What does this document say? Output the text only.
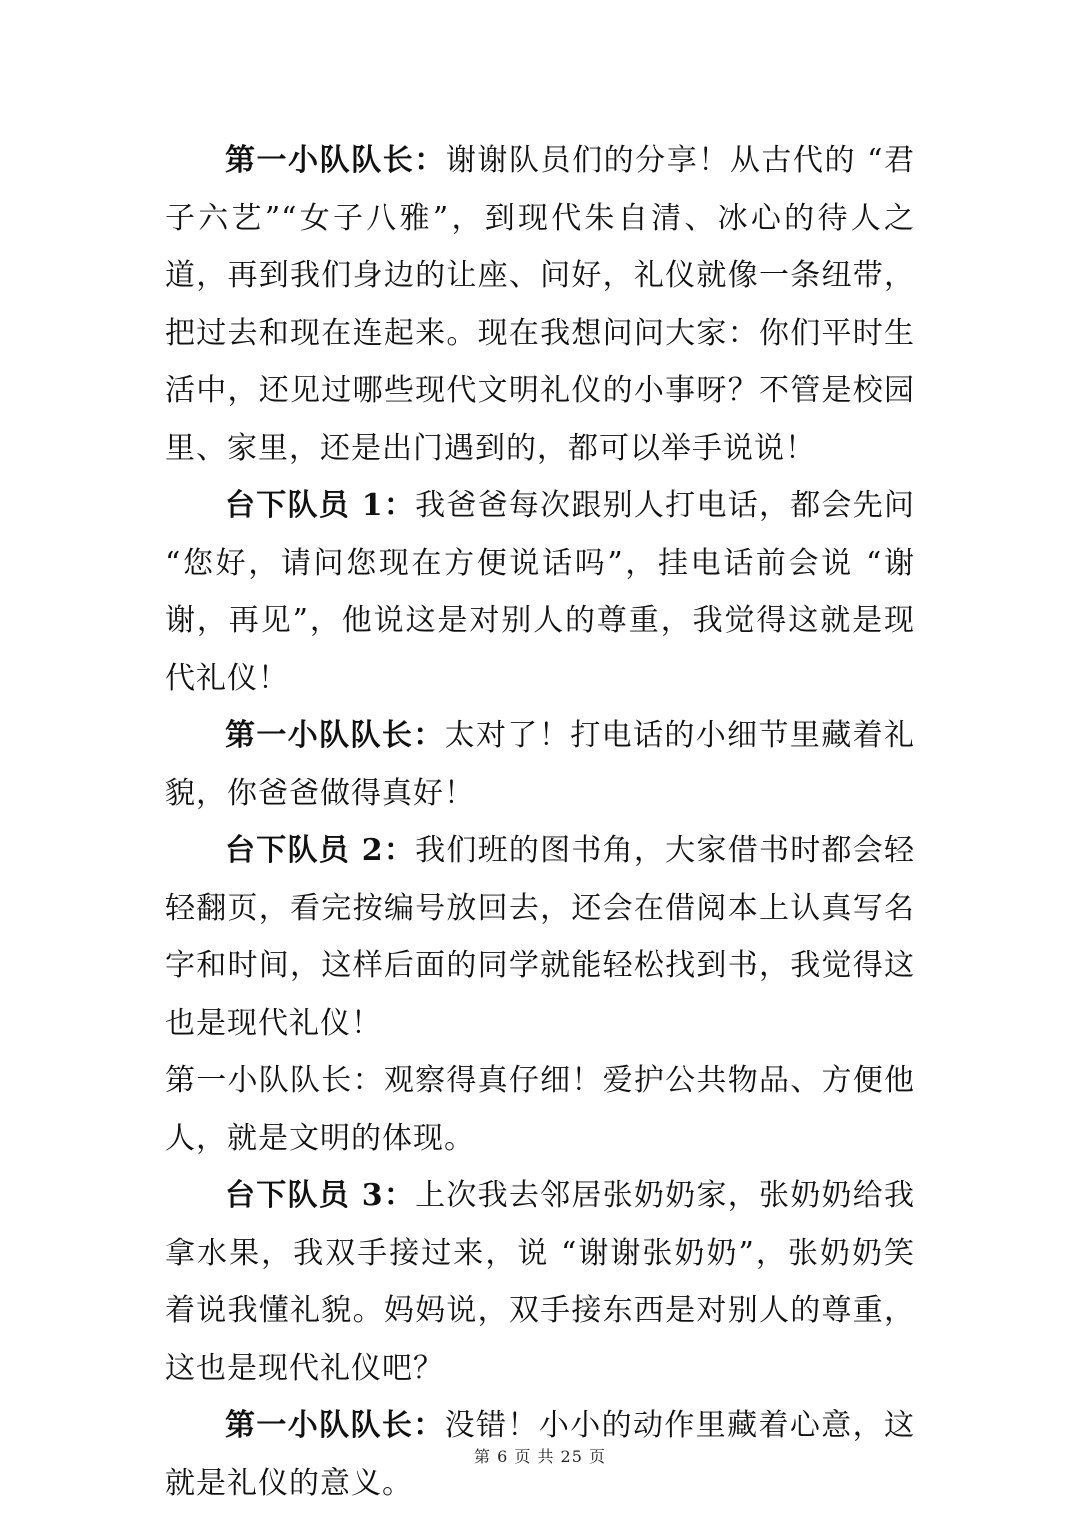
第一小队队长：谢谢队员们的分享！从古代的 “君子六艺”“女子八雅”，到现代朱自清、冰心的待人之道，再到我们身边的让座、问好，礼仪就像一条纽带，把过去和现在连起来。现在我想问问大家：你们平时生活中，还见过哪些现代文明礼仪的小事呀？不管是校园里、家里，还是出门遇到的，都可以举手说说！

台下队员 1：我爸爸每次跟别人打电话，都会先问 “您好，请问您现在方便说话吗”，挂电话前会说 “谢谢，再见”，他说这是对别人的尊重，我觉得这就是现代礼仪！

第一小队队长：太对了！打电话的小细节里藏着礼貌，你爸爸做得真好！

台下队员 2：我们班的图书角，大家借书时都会轻轻翻页，看完按编号放回去，还会在借阅本上认真写名字和时间，这样后面的同学就能轻松找到书，我觉得这也是现代礼仪！

第一小队队长：观察得真仔细！爱护公共物品、方便他人，就是文明的体现。

台下队员 3：上次我去邻居张奶奶家，张奶奶给我拿水果，我双手接过来，说 “谢谢张奶奶”，张奶奶笑着说我懂礼貌。妈妈说，双手接东西是对别人的尊重，这也是现代礼仪吧？

第一小队队长：没错！小小的动作里藏着心意，这就是礼仪的意义。

第 6 页 共 25 页
